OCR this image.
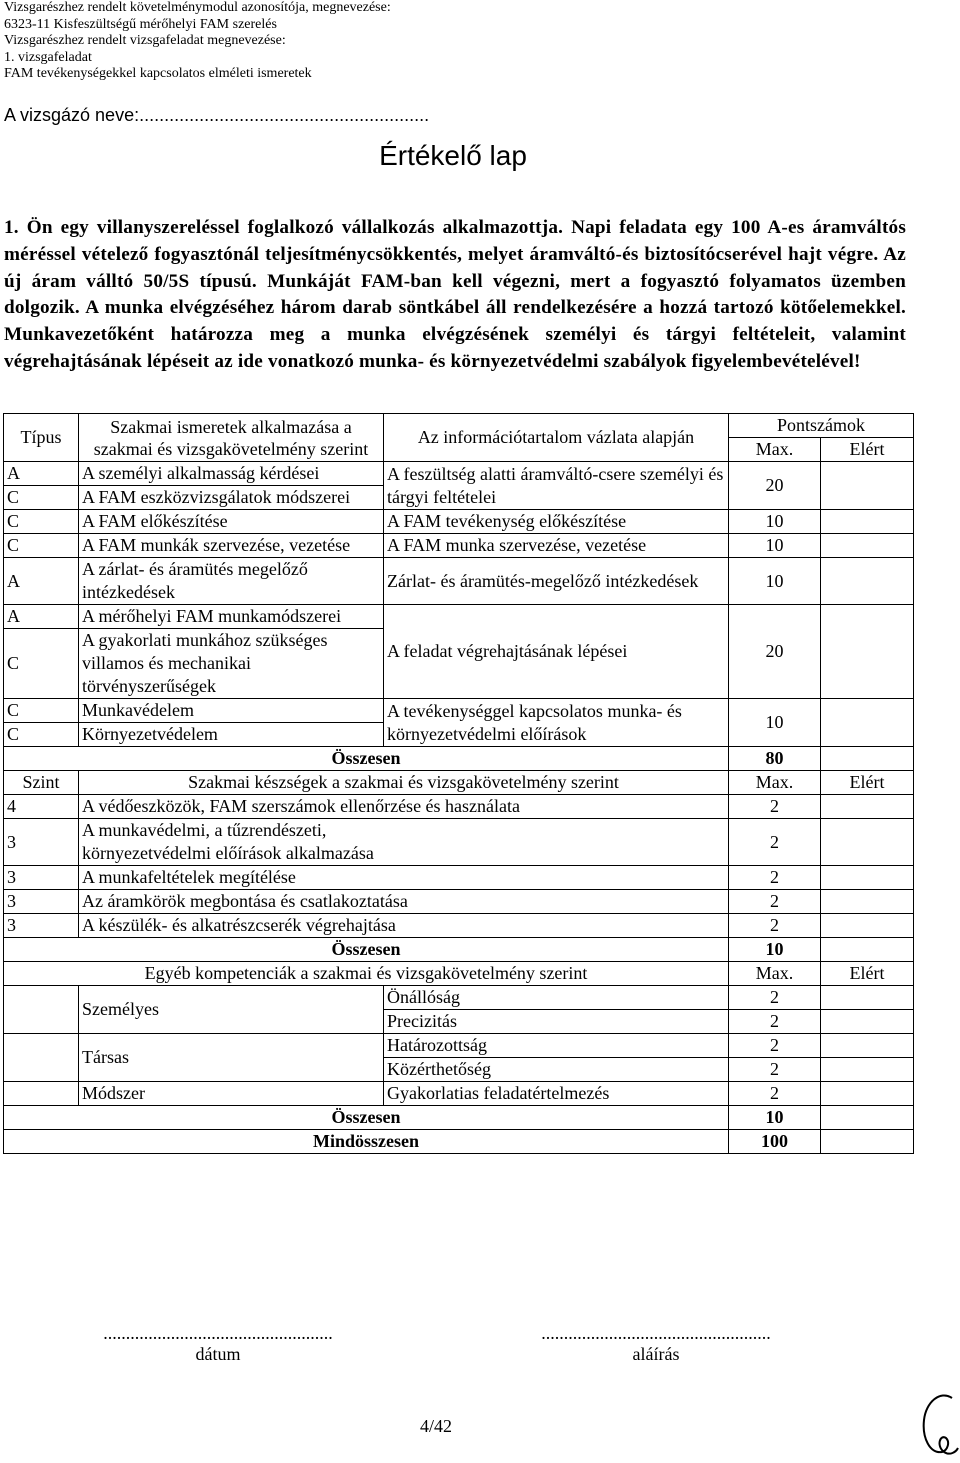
Vizsgarészhez rendelt követelménymodul azonosítója, megnevezése:
6323-11 Kisfeszültségű mérőhelyi FAM szerelés
Vizsgarészhez rendelt vizsgafeladat megnevezése:
1. vizsgafeladat
FAM tevékenységekkel kapcsolatos elméleti ismeretek
A vizsgázó neve:..........................................................
Értékelő lap
1. Ön egy villanyszereléssel foglalkozó vállalkozás alkalmazottja. Napi feladata egy 100 A-es áramváltós méréssel vételező fogyasztónál teljesítménycsökkentés, melyet áramváltó-és biztosítócserével hajt végre. Az új áram válltó 50/5S típusú. Munkáját FAM-ban kell végezni, mert a fogyasztó folyamatos üzemben dolgozik. A munka elvégzéséhez három darab söntkábel áll rendelkezésére a hozzá tartozó kötőelemekkel. Munkavezetőként határozza meg a munka elvégzésének személyi és tárgyi feltételeit, valamint végrehajtásának lépéseit az ide vonatkozó munka- és környezetvédelmi szabályok figyelembevételével!
Típus	Szakmai ismeretek alkalmazása a szakmai és vizsgakövetelmény szerint	Az információtartalom vázlata alapján	Pontszámok	
			Max.	Elért
A	A személyi alkalmasság kérdései	A feszültség alatti áramváltó-csere személyi és tárgyi feltételei	20	
C	A FAM eszközvizsgálatok módszerei			
C	A FAM előkészítése	A FAM tevékenység előkészítése	10	
C	A FAM munkák szervezése, vezetése	A FAM munka szervezése, vezetése	10	
A	A zárlat- és áramütés megelőző intézkedések	Zárlat- és áramütés-megelőző intézkedések	10	
A	A mérőhelyi FAM munkamódszerei	A feladat végrehajtásának lépései	20	
C	A gyakorlati munkához szükséges villamos és mechanikai törvényszerűségek			
C	Munkavédelem	A tevékenységgel kapcsolatos munka- és környezetvédelmi előírások	10	
C	Környezetvédelem			
Összesen			80	
Szint	Szakmai készségek a szakmai és vizsgakövetelmény szerint		Max.	Elért
4	A védőeszközök, FAM szerszámok ellenőrzése és használata		2	
3	A munkavédelmi, a tűzrendészeti, környezetvédelmi előírások alkalmazása		2	
3	A munkafeltételek megítélése		2	
3	Az áramkörök megbontása és csatlakoztatása		2	
3	A készülék- és alkatrészcserék végrehajtása		2	
Összesen			10	
Egyéb kompetenciák a szakmai és vizsgakövetelmény szerint			Max.	Elért
	Személyes	Önállóság	2	
		Precizitás	2	
	Társas	Határozottság	2	
		Közérthetőség	2	
	Módszer	Gyakorlatias feladatértelmezés	2	
Összesen			10	
Mindösszesen			100	
...................................................
dátum
...................................................
aláírás
4/42
